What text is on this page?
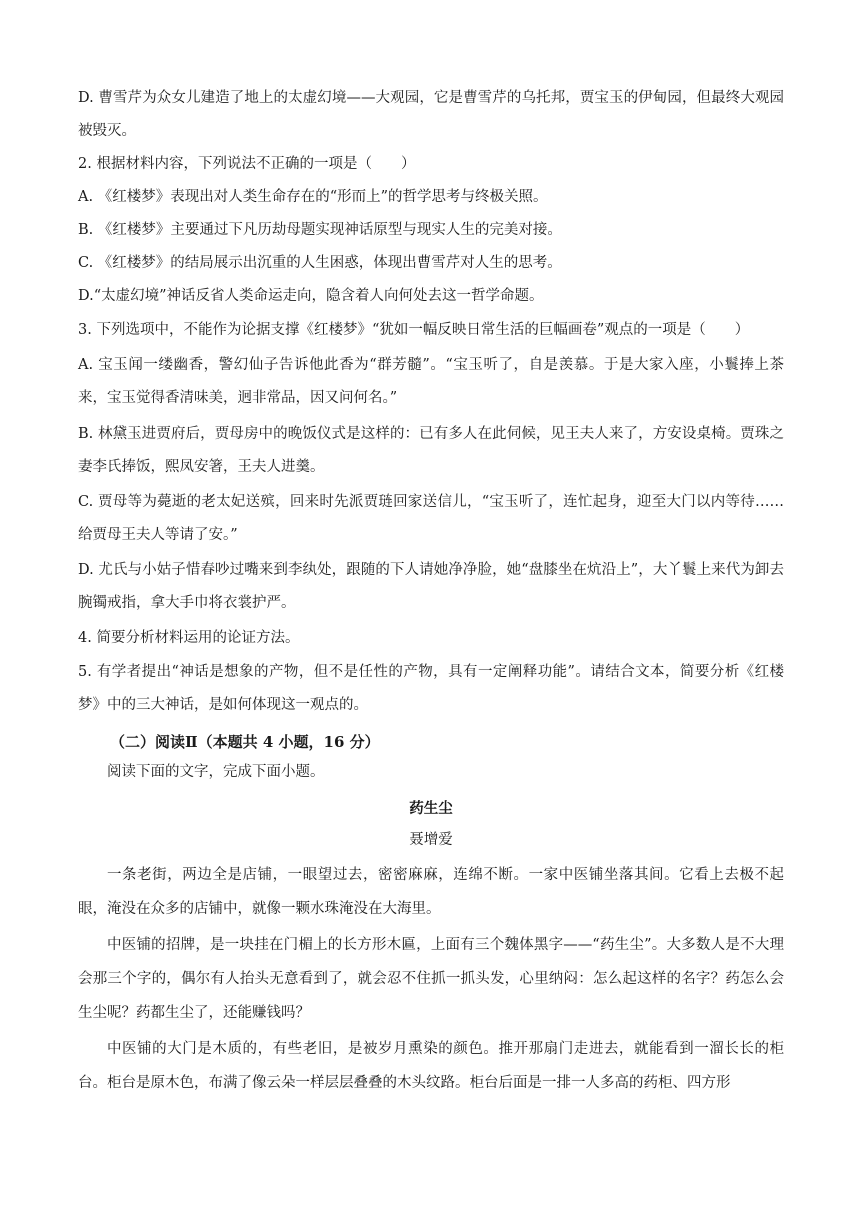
D. 曹雪芹为众女儿建造了地上的太虚幻境——大观园，它是曹雪芹的乌托邦，贾宝玉的伊甸园，但最终大观园被毁灭。

2. 根据材料内容，下列说法不正确的一项是（　　）

A. 《红楼梦》表现出对人类生命存在的“形而上”的哲学思考与终极关照。

B. 《红楼梦》主要通过下凡历劫母题实现神话原型与现实人生的完美对接。

C. 《红楼梦》的结局展示出沉重的人生困惑，体现出曹雪芹对人生的思考。

D.“太虚幻境”神话反省人类命运走向，隐含着人向何处去这一哲学命题。

3. 下列选项中，不能作为论据支撑《红楼梦》“犹如一幅反映日常生活的巨幅画卷”观点的一项是（　　）

A. 宝玉闻一缕幽香，警幻仙子告诉他此香为“群芳髓”。“宝玉听了，自是羡慕。于是大家入座，小鬟捧上茶来，宝玉觉得香清味美，迥非常品，因又问何名。”

B. 林黛玉进贾府后，贾母房中的晚饭仪式是这样的：已有多人在此伺候，见王夫人来了，方安设桌椅。贾珠之妻李氏捧饭，熙凤安箸，王夫人进羹。

C. 贾母等为薨逝的老太妃送殡，回来时先派贾琏回家送信儿，“宝玉听了，连忙起身，迎至大门以内等待……给贾母王夫人等请了安。”

D. 尤氏与小姑子惜春吵过嘴来到李纨处，跟随的下人请她净净脸，她“盘膝坐在炕沿上”，大丫鬟上来代为卸去腕镯戒指，拿大手巾将衣裳护严。

4. 简要分析材料运用的论证方法。

5. 有学者提出“神话是想象的产物，但不是任性的产物，具有一定阐释功能”。请结合文本，简要分析《红楼梦》中的三大神话，是如何体现这一观点的。

（二）阅读Ⅱ（本题共 4 小题，16 分）

阅读下面的文字，完成下面小题。

药生尘

聂增爱

一条老街，两边全是店铺，一眼望过去，密密麻麻，连绵不断。一家中医铺坐落其间。它看上去极不起眼，淹没在众多的店铺中，就像一颗水珠淹没在大海里。

中医铺的招牌，是一块挂在门楣上的长方形木匾，上面有三个魏体黑字——“药生尘”。大多数人是不大理会那三个字的，偶尔有人抬头无意看到了，就会忍不住抓一抓头发，心里纳闷：怎么起这样的名字？药怎么会生尘呢？药都生尘了，还能赚钱吗？

中医铺的大门是木质的，有些老旧，是被岁月熏染的颜色。推开那扇门走进去，就能看到一溜长长的柜台。柜台是原木色，布满了像云朵一样层层叠叠的木头纹路。柜台后面是一排一人多高的药柜、四方形
